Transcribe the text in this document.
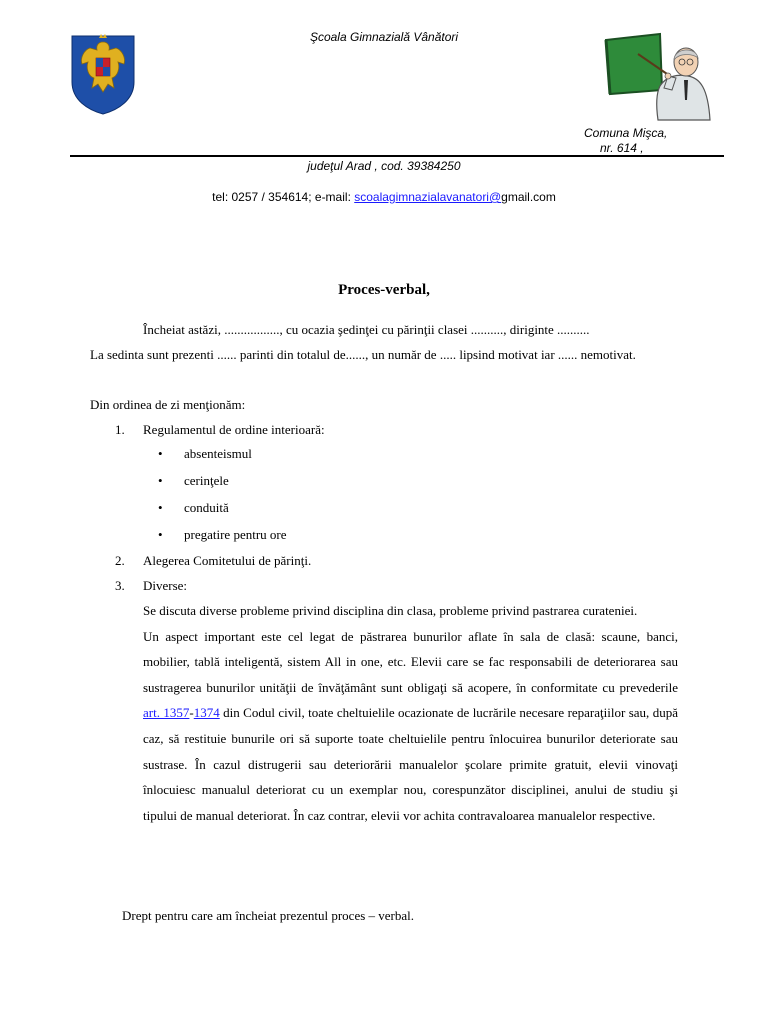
Şcoala Gimnazială Vânători
Comuna Mişca,
nr. 614 ,
judeţul Arad , cod. 39384250
tel: 0257 / 354614; e-mail: scoalagimnazialavanatori@gmail.com
Proces-verbal,
Încheiat astăzi, ................., cu ocazia şedinţei cu părinţii clasei .........., diriginte ..........
La sedinta sunt prezenti ...... parinti din totalul de......, un număr de ..... lipsind motivat iar ...... nemotivat.
Din ordinea de zi menţionăm:
1. Regulamentul de ordine interioară:
• absenteismul
• cerinţele
• conduită
• pregatire pentru ore
2. Alegerea Comitetului de părinţi.
3. Diverse:

Se discuta diverse probleme privind disciplina din clasa, probleme privind pastrarea curateniei.

Un aspect important este cel legat de păstrarea bunurilor aflate în sala de clasă: scaune, banci, mobilier, tablă inteligentă, sistem All in one, etc. Elevii care se fac responsabili de deteriorarea sau sustragerea bunurilor unităţii de învăţământ sunt obligaţi să acopere, în conformitate cu prevederile art. 1357-1374 din Codul civil, toate cheltuielile ocazionate de lucrările necesare reparaţiilor sau, după caz, să restituie bunurile ori să suporte toate cheltuielile pentru înlocuirea bunurilor deteriorate sau sustrase. În cazul distrugerii sau deteriorării manualelor şcolare primite gratuit, elevii vinovaţi înlocuiesc manualul deteriorat cu un exemplar nou, corespunzător disciplinei, anului de studiu şi tipului de manual deteriorat. În caz contrar, elevii vor achita contravaloarea manualelor respective.

Drept pentru care am încheiat prezentul proces – verbal.
